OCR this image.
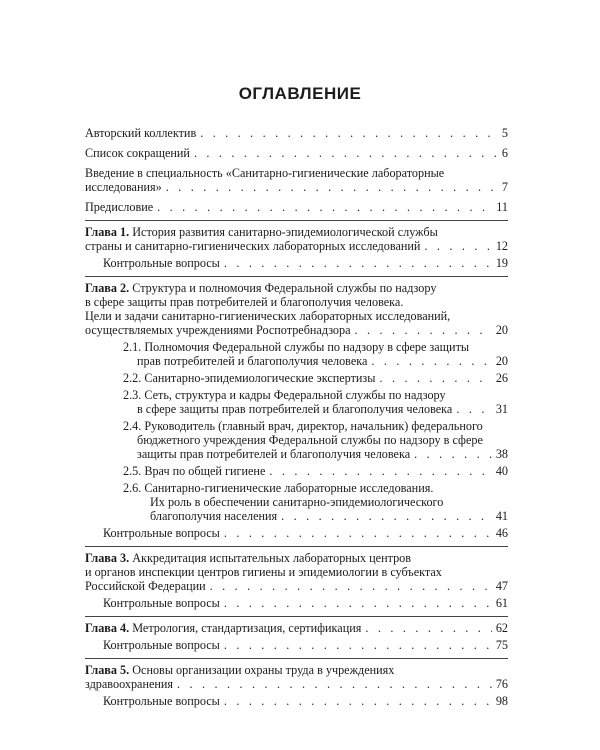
ОГЛАВЛЕНИЕ
Авторский коллектив . . .	5
Список сокращений . . .	6
Введение в специальность «Санитарно-гигиенические лабораторные
исследования» . . .	7
Предисловие . . .	11
Глава 1. История развития санитарно-эпидемиологической службы
страны и санитарно-гигиенических лабораторных исследований . . .	12
Контрольные вопросы . . .	19
Глава 2. Структура и полномочия Федеральной службы по надзору
в сфере защиты прав потребителей и благополучия человека.
Цели и задачи санитарно-гигиенических лабораторных исследований,
осуществляемых учреждениями Роспотребнадзора . . .	20
2.1. Полномочия Федеральной службы по надзору в сфере защиты
прав потребителей и благополучия человека . . .	20
2.2. Санитарно-эпидемиологические экспертизы . . .	26
2.3. Сеть, структура и кадры Федеральной службы по надзору
в сфере защиты прав потребителей и благополучия человека . . .	31
2.4. Руководитель (главный врач, директор, начальник) федерального
бюджетного учреждения Федеральной службы по надзору в сфере
защиты прав потребителей и благополучия человека . . .	38
2.5. Врач по общей гигиене . . .	40
2.6. Санитарно-гигиенические лабораторные исследования.
Их роль в обеспечении санитарно-эпидемиологического
благополучия населения . . .	41
Контрольные вопросы . . .	46
Глава 3. Аккредитация испытательных лабораторных центров
и органов инспекции центров гигиены и эпидемиологии в субъектах
Российской Федерации . . .	47
Контрольные вопросы . . .	61
Глава 4. Метрология, стандартизация, сертификация . . .	62
Контрольные вопросы . . .	75
Глава 5. Основы организации охраны труда в учреждениях
здравоохранения . . .	76
Контрольные вопросы . . .	98
